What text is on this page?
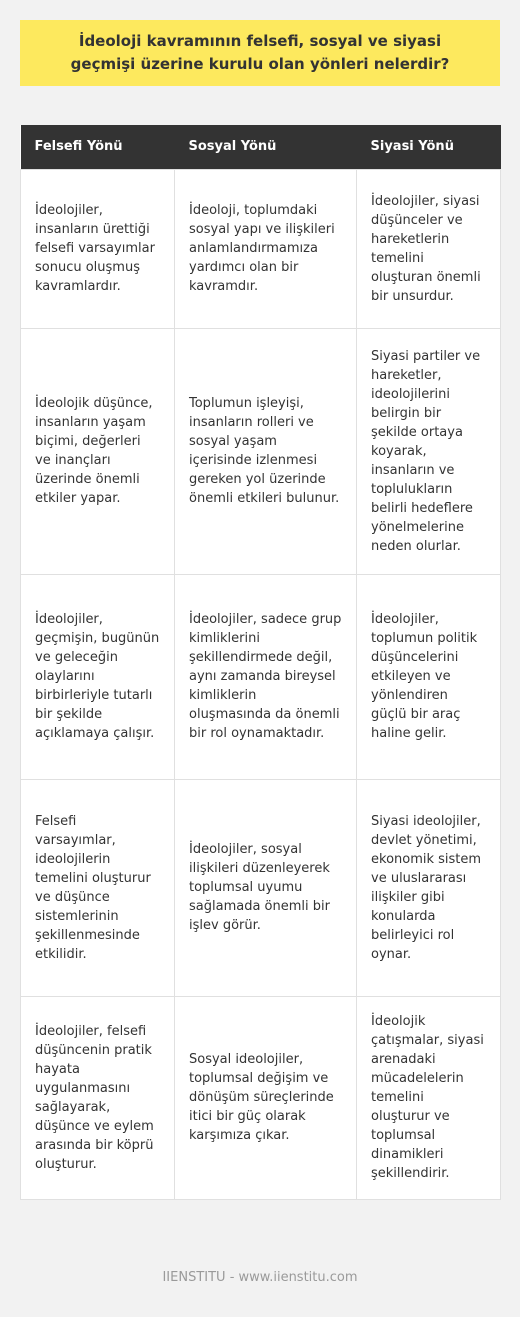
İdeoloji kavramının felsefi, sosyal ve siyasi geçmişi üzerine kurulu olan yönleri nelerdir?
Felsefi Yönü	Sosyal Yönü	Siyasi Yönü
İdeolojiler, insanların ürettiği felsefi varsayımlar sonucu oluşmuş kavramlardır.	İdeoloji, toplumdaki sosyal yapı ve ilişkileri anlamlandırmamıza yardımcı olan bir kavramdır.	İdeolojiler, siyasi düşünceler ve hareketlerin temelini oluşturan önemli bir unsurdur.
İdeolojik düşünce, insanların yaşam biçimi, değerleri ve inançları üzerinde önemli etkiler yapar.	Toplumun işleyişi, insanların rolleri ve sosyal yaşam içerisinde izlenmesi gereken yol üzerinde önemli etkileri bulunur.	Siyasi partiler ve hareketler, ideolojilerini belirgin bir şekilde ortaya koyarak, insanların ve toplulukların belirli hedeflere yönelmelerine neden olurlar.
İdeolojiler, geçmişin, bugünün ve geleceğin olaylarını birbirleriyle tutarlı bir şekilde açıklamaya çalışır.	İdeolojiler, sadece grup kimliklerini şekillendirmede değil, aynı zamanda bireysel kimliklerin oluşmasında da önemli bir rol oynamaktadır.	İdeolojiler, toplumun politik düşüncelerini etkileyen ve yönlendiren güçlü bir araç haline gelir.
Felsefi varsayımlar, ideolojilerin temelini oluşturur ve düşünce sistemlerinin şekillenmesinde etkilidir.	İdeolojiler, sosyal ilişkileri düzenleyerek toplumsal uyumu sağlamada önemli bir işlev görür.	Siyasi ideolojiler, devlet yönetimi, ekonomik sistem ve uluslararası ilişkiler gibi konularda belirleyici rol oynar.
İdeolojiler, felsefi düşüncenin pratik hayata uygulanmasını sağlayarak, düşünce ve eylem arasında bir köprü oluşturur.	Sosyal ideolojiler, toplumsal değişim ve dönüşüm süreçlerinde itici bir güç olarak karşımıza çıkar.	İdeolojik çatışmalar, siyasi arenadaki mücadelelerin temelini oluşturur ve toplumsal dinamikleri şekillendirir.
IIENSTITU - www.iienstitu.com
